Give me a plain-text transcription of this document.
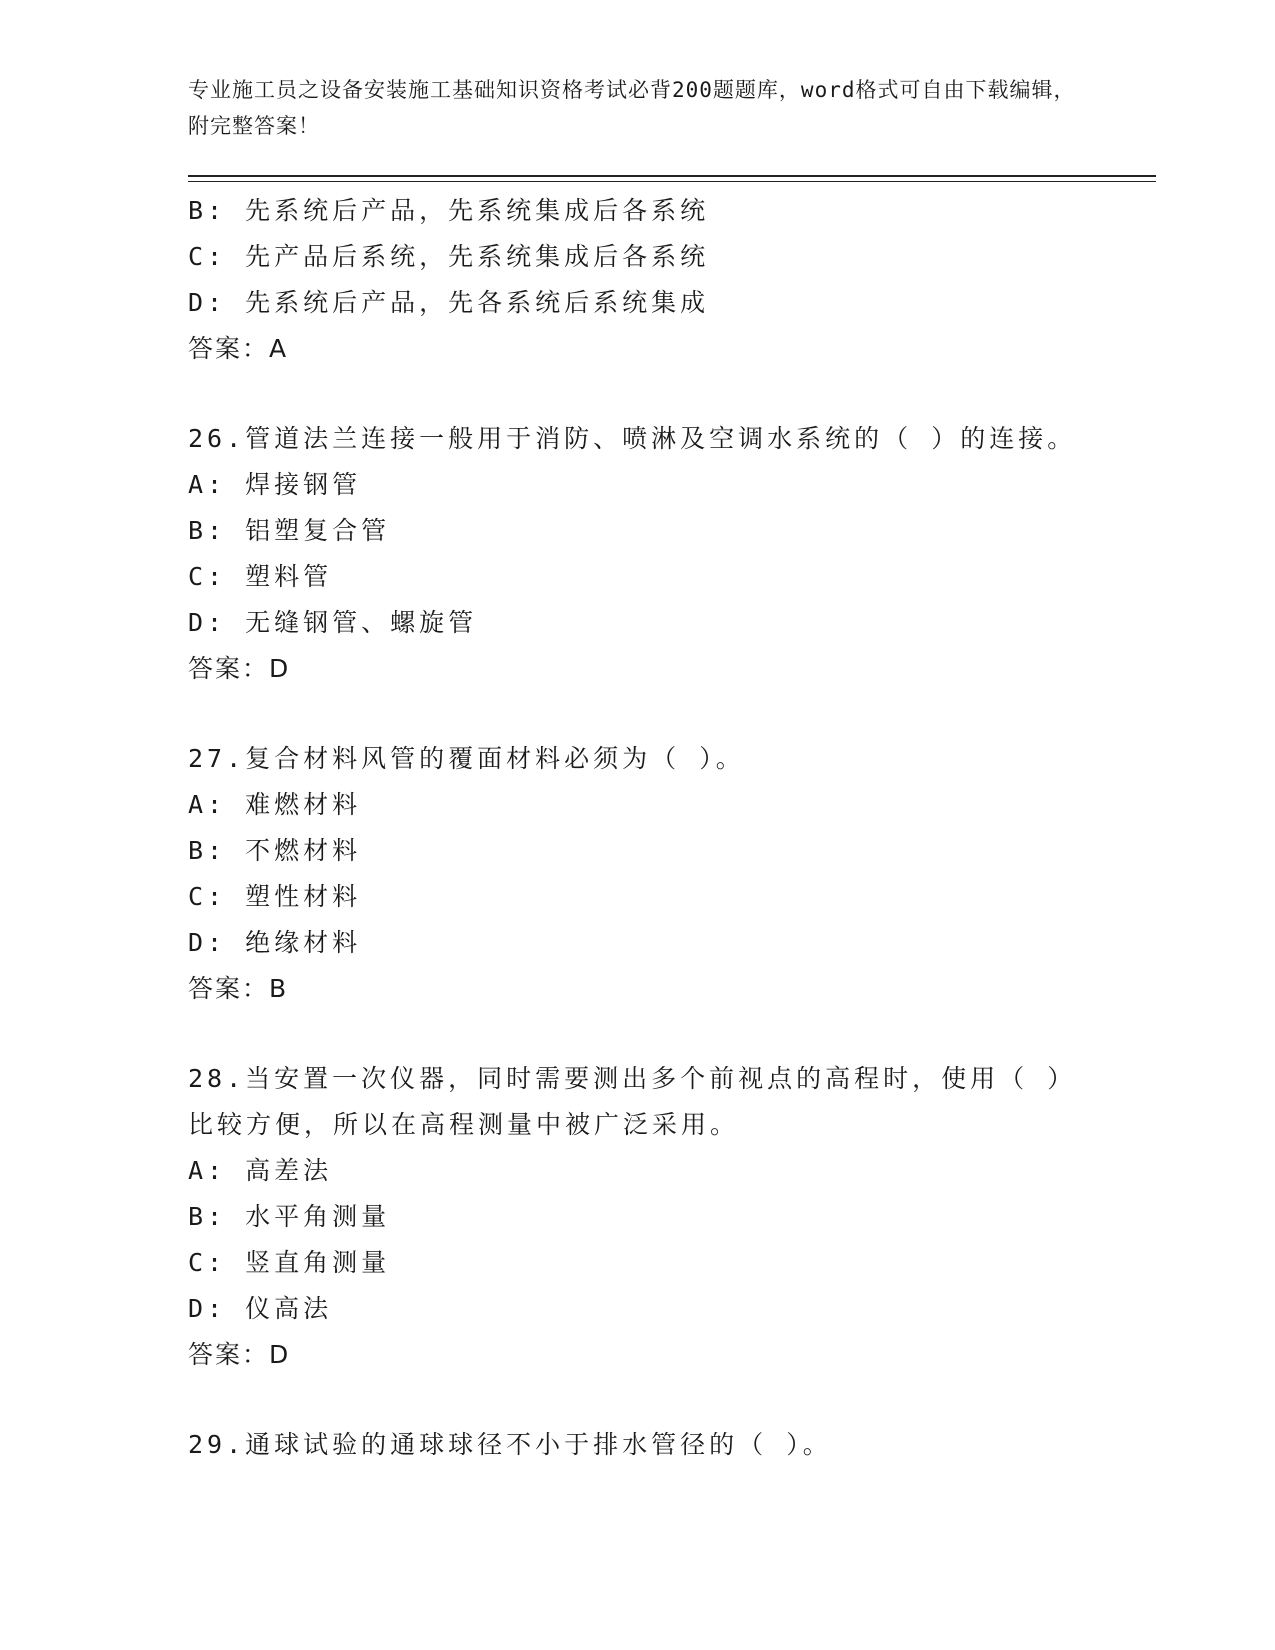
专业施工员之设备安装施工基础知识资格考试必背200题题库，word格式可自由下载编辑，附完整答案！
B: 先系统后产品，先系统集成后各系统
C: 先产品后系统，先系统集成后各系统
D: 先系统后产品，先各系统后系统集成
答案：A
26.管道法兰连接一般用于消防、喷淋及空调水系统的（ ）的连接。
A: 焊接钢管
B: 铝塑复合管
C: 塑料管
D: 无缝钢管、螺旋管
答案：D
27.复合材料风管的覆面材料必须为（ ）。
A: 难燃材料
B: 不燃材料
C: 塑性材料
D: 绝缘材料
答案：B
28.当安置一次仪器，同时需要测出多个前视点的高程时，使用（ ）
比较方便，所以在高程测量中被广泛采用。
A: 高差法
B: 水平角测量
C: 竖直角测量
D: 仪高法
答案：D
29.通球试验的通球球径不小于排水管径的（ ）。
